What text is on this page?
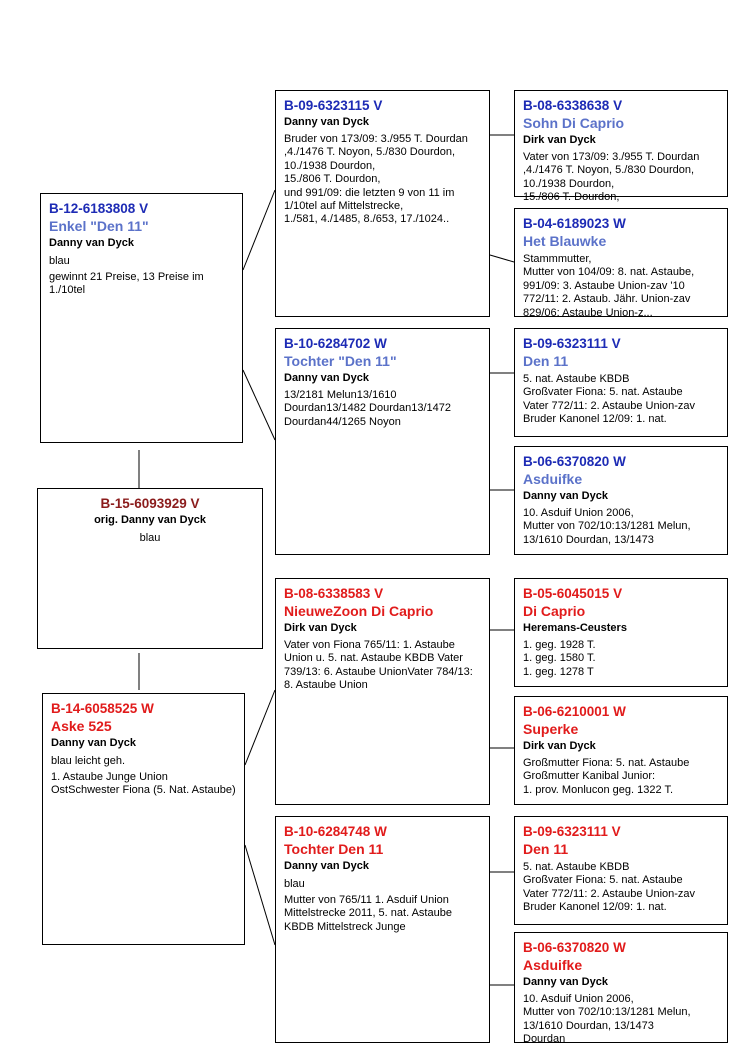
B-15-6093929 V
orig. Danny van Dyck
blau
B-12-6183808 V
Enkel "Den 11"
Danny van Dyck
blau
gewinnt 21 Preise, 13 Preise im 1./10tel
B-14-6058525 W
Aske 525
Danny van Dyck
blau leicht geh.
1. Astaube Junge Union OstSchwester Fiona (5. Nat. Astaube)
B-09-6323115 V
Danny van Dyck
Bruder von 173/09: 3./955 T. Dourdan ,4./1476 T. Noyon, 5./830 Dourdon, 10./1938 Dourdon,
15./806 T. Dourdon,
und 991/09: die letzten 9 von 11 im 1/10tel auf Mittelstrecke,
1./581, 4./1485, 8./653, 17./1024..
B-10-6284702 W
Tochter "Den 11"
Danny van Dyck
13/2181 Melun13/1610 Dourdan13/1482 Dourdan13/1472 Dourdan44/1265 Noyon
B-08-6338583 V
NieuweZoon Di Caprio
Dirk van Dyck
Vater von Fiona 765/11: 1. Astaube Union u. 5. nat. Astaube KBDB Vater 739/13: 6. Astaube UnionVater 784/13: 8. Astaube Union
B-10-6284748 W
Tochter Den 11
Danny van Dyck
blau
Mutter von 765/11 1. Asduif Union Mittelstrecke 2011, 5. nat. Astaube KBDB Mittelstreck Junge
B-08-6338638 V
Sohn Di Caprio
Dirk van Dyck
Vater von 173/09: 3./955 T. Dourdan ,4./1476 T. Noyon, 5./830 Dourdon, 10./1938 Dourdon,
15./806 T. Dourdon,
B-04-6189023 W
Het Blauwke
Stammmutter,
Mutter von 104/09: 8. nat. Astaube, 991/09: 3. Astaube Union-zav '10
772/11: 2. Astaub. Jähr. Union-zav
829/06: Astaube Union-z...
B-09-6323111 V
Den 11
5. nat. Astaube KBDB
Großvater Fiona: 5. nat. Astaube
Vater 772/11: 2. Astaube Union-zav
Bruder Kanonel 12/09: 1. nat.
B-06-6370820 W
Asduifke
Danny van Dyck
10. Asduif Union 2006,
Mutter von 702/10:13/1281 Melun, 13/1610 Dourdan, 13/1473
B-05-6045015 V
Di Caprio
Heremans-Ceusters
1. geg. 1928 T.
1. geg. 1580 T.
1. geg. 1278 T
B-06-6210001 W
Superke
Dirk van Dyck
Großmutter Fiona: 5. nat. Astaube
Großmutter Kanibal Junior:
1. prov. Monlucon geg. 1322 T.
B-09-6323111 V
Den 11
5. nat. Astaube KBDB
Großvater Fiona: 5. nat. Astaube
Vater 772/11: 2. Astaube Union-zav
Bruder Kanonel 12/09: 1. nat.
B-06-6370820 W
Asduifke
Danny van Dyck
10. Asduif Union 2006,
Mutter von 702/10:13/1281 Melun, 13/1610 Dourdan, 13/1473
Dourdan
